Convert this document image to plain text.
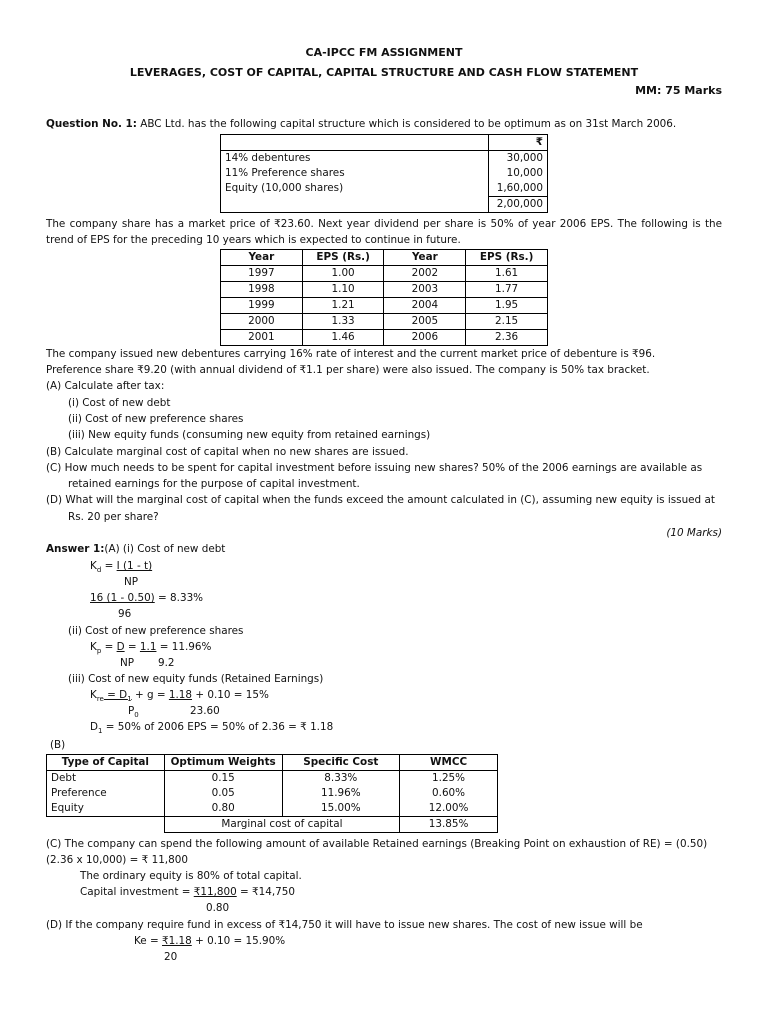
CA-IPCC FM ASSIGNMENT
LEVERAGES, COST OF CAPITAL, CAPITAL STRUCTURE AND CASH FLOW STATEMENT
MM: 75 Marks
Question No. 1: ABC Ltd. has the following capital structure which is considered to be optimum as on 31st March 2006.
	₹
14% debentures	30,000
11% Preference shares	10,000
Equity (10,000 shares)	1,60,000
	2,00,000
The company share has a market price of ₹23.60. Next year dividend per share is 50% of year 2006 EPS. The following is the trend of EPS for the preceding 10 years which is expected to continue in future.
Year	EPS (Rs.)	Year	EPS (Rs.)
1997	1.00	2002	1.61
1998	1.10	2003	1.77
1999	1.21	2004	1.95
2000	1.33	2005	2.15
2001	1.46	2006	2.36
The company issued new debentures carrying 16% rate of interest and the current market price of debenture is ₹96.
Preference share ₹9.20 (with annual dividend of ₹1.1 per share) were also issued. The company is 50% tax bracket.
(A) Calculate after tax:
(i) Cost of new debt
(ii) Cost of new preference shares
(iii) New equity funds (consuming new equity from retained earnings)
(B) Calculate marginal cost of capital when no new shares are issued.
(C) How much needs to be spent for capital investment before issuing new shares? 50% of the 2006 earnings are available as
retained earnings for the purpose of capital investment.
(D) What will the marginal cost of capital when the funds exceed the amount calculated in (C), assuming new equity is issued at
Rs. 20 per share?
(10 Marks)
Answer 1:(A) (i) Cost of new debt
$K_d = I$ (1 - t)
NP
16 (1 - 0.50) = 8.33%
96
(ii) Cost of new preference shares
$K_p = D = 1.1 = 11.96\%$
NP 9.2
(iii) Cost of new equity funds (Retained Earnings)
$K_{re} = D_1 + g = 1.18 + 0.10 = 15\%$
$P_0$	23.60
$D_1 = 50\%$ of 2006 EPS = 50% of 2.36 = ₹ 1.18
(B)
Type of Capital	Optimum Weights	Specific Cost	WMCC
Debt	0.15	8.33%	1.25%
Preference	0.05	11.96%	0.60%
Equity	0.80	15.00%	12.00%
	Marginal cost of capital		13.85%
(C) The company can spend the following amount of available Retained earnings (Breaking Point on exhaustion of RE) = (0.50)
(2.36 x 10,000) = ₹ 11,800
The ordinary equity is 80% of total capital.
Capital investment = ₹11,800 = ₹14,750
0.80
(D) If the company require fund in excess of ₹14,750 it will have to issue new shares. The cost of new issue will be
Ke = ₹1.18 + 0.10 = 15.90%
20
